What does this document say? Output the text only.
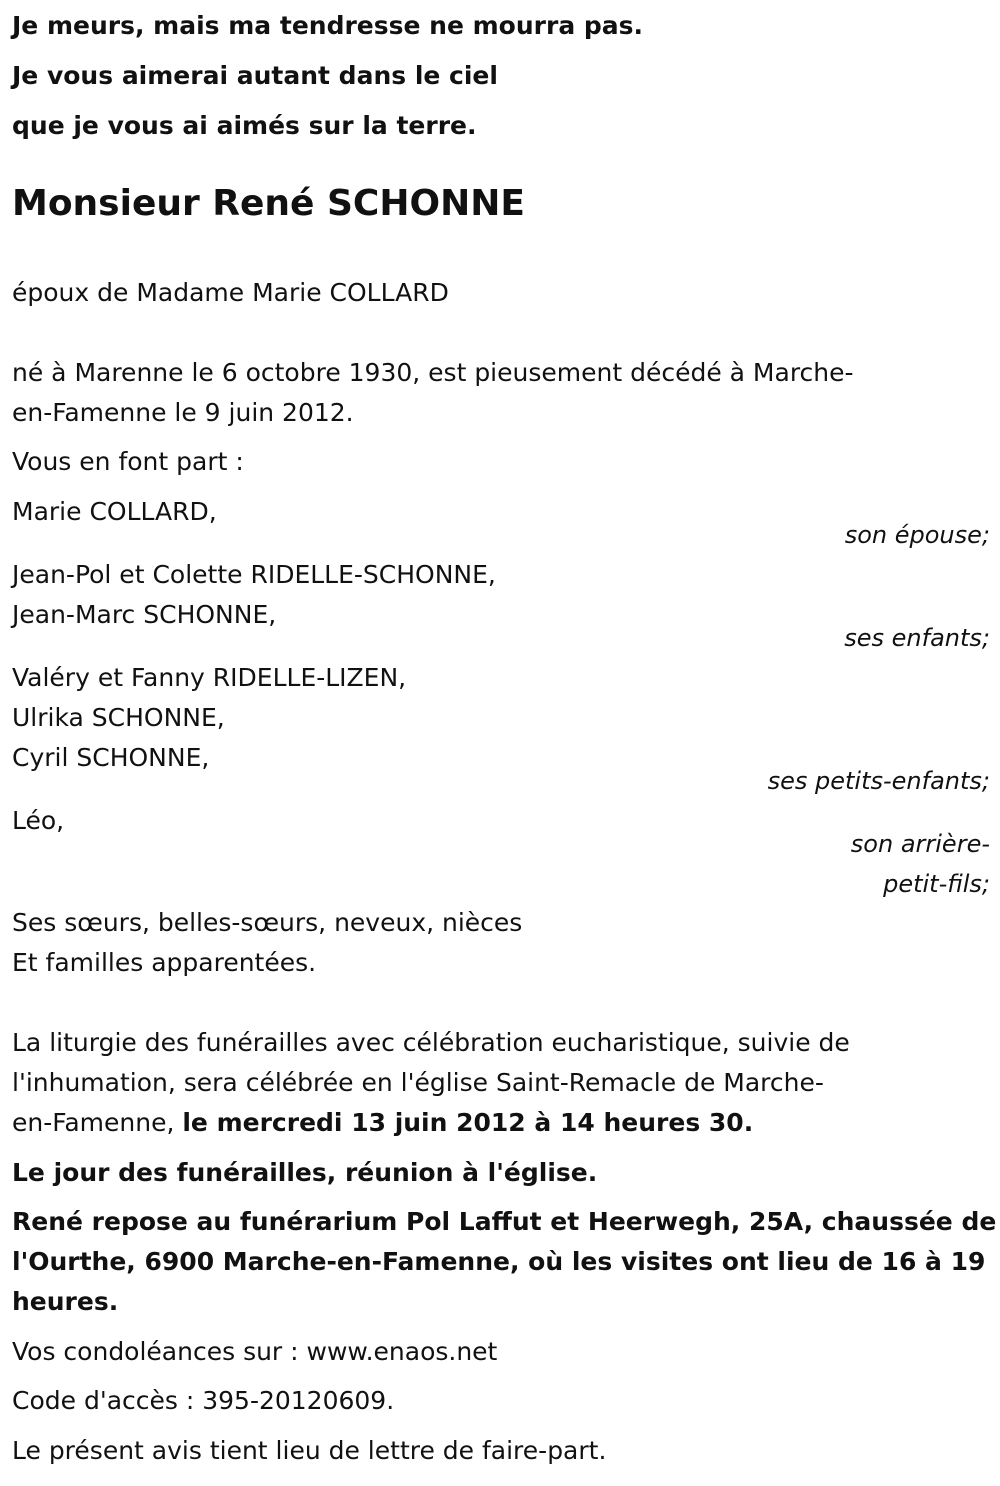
Je meurs, mais ma tendresse ne mourra pas.
Je vous aimerai autant dans le ciel
que je vous ai aimés sur la terre.
Monsieur René SCHONNE
époux de Madame Marie COLLARD
né à Marenne le 6 octobre 1930, est pieusement décédé à Marche-
en-Famenne le 9 juin 2012.
Vous en font part :
Marie COLLARD,
son épouse;
Jean-Pol et Colette RIDELLE-SCHONNE,
Jean-Marc SCHONNE,
ses enfants;
Valéry et Fanny RIDELLE-LIZEN,
Ulrika SCHONNE,
Cyril SCHONNE,
ses petits-enfants;
Léo,
son arrière-
petit-fils;
Ses sœurs, belles-sœurs, neveux, nièces
Et familles apparentées.
La liturgie des funérailles avec célébration eucharistique, suivie de
l'inhumation, sera célébrée en l'église Saint-Remacle de Marche-
en-Famenne, le mercredi 13 juin 2012 à 14 heures 30.
Le jour des funérailles, réunion à l'église.
René repose au funérarium Pol Laffut et Heerwegh, 25A, chaussée de
l'Ourthe, 6900 Marche-en-Famenne, où les visites ont lieu de 16 à 19
heures.
Vos condoléances sur : www.enaos.net
Code d'accès : 395-20120609.
Le présent avis tient lieu de lettre de faire-part.
